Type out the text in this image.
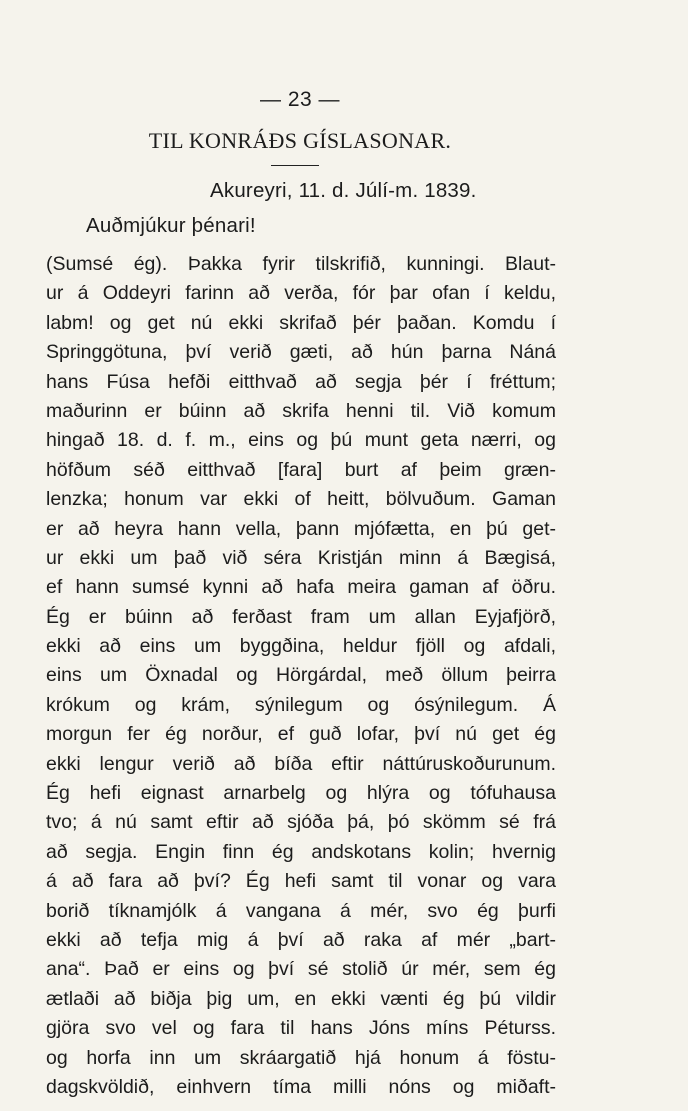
— 23 —
TIL KONRÁÐS GÍSLASONAR.
Akureyri, 11. d. Júlí-m. 1839.
Auðmjúkur þénari!
(Sumsé ég). Þakka fyrir tilskrifið, kunningi. Blaut-
ur á Oddeyri farinn að verða, fór þar ofan í keldu,
labm! og get nú ekki skrifað þér þaðan. Komdu í
Springgötuna, því verið gæti, að hún þarna Náná
hans Fúsa hefði eitthvað að segja þér í fréttum;
maðurinn er búinn að skrifa henni til. Við komum
hingað 18. d. f. m., eins og þú munt geta nærri, og
höfðum séð eitthvað [fara] burt af þeim græn-
lenzka; honum var ekki of heitt, bölvuðum. Gaman
er að heyra hann vella, þann mjófætta, en þú get-
ur ekki um það við séra Kristján minn á Bægisá,
ef hann sumsé kynni að hafa meira gaman af öðru.
Ég er búinn að ferðast fram um allan Eyjafjörð,
ekki að eins um byggðina, heldur fjöll og afdali,
eins um Öxnadal og Hörgárdal, með öllum þeirra
krókum og krám, sýnilegum og ósýnilegum. Á
morgun fer ég norður, ef guð lofar, því nú get ég
ekki lengur verið að bíða eftir náttúruskoðurunum.
Ég hefi eignast arnarbelg og hlýra og tófuhausa
tvo; á nú samt eftir að sjóða þá, þó skömm sé frá
að segja. Engin finn ég andskotans kolin; hvernig
á að fara að því? Ég hefi samt til vonar og vara
borið tíknamjólk á vangana á mér, svo ég þurfi
ekki að tefja mig á því að raka af mér „bart-
ana“. Það er eins og því sé stolið úr mér, sem ég
ætlaði að biðja þig um, en ekki vænti ég þú vildir
gjöra svo vel og fara til hans Jóns míns Péturss.
og horfa inn um skráargatið hjá honum á föstu-
dagskvöldið, einhvern tíma milli nóns og miðaft-
